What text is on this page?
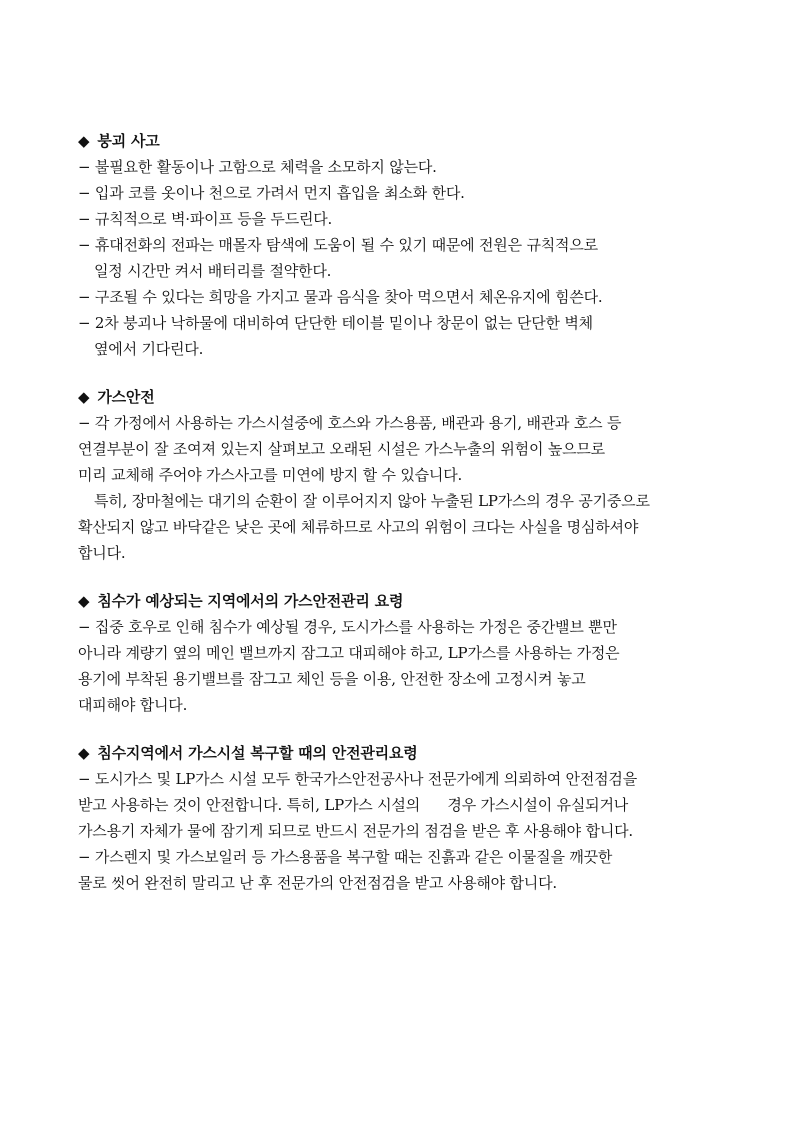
◆ 붕괴 사고
− 불필요한 활동이나 고함으로 체력을 소모하지 않는다.
− 입과 코를 옷이나 천으로 가려서 먼지 흡입을 최소화 한다.
− 규칙적으로 벽·파이프 등을 두드린다.
− 휴대전화의 전파는 매몰자 탐색에 도움이 될 수 있기 때문에 전원은 규칙적으로
일정 시간만 켜서 배터리를 절약한다.
− 구조될 수 있다는 희망을 가지고 물과 음식을 찾아 먹으면서 체온유지에 힘쓴다.
− 2차 붕괴나 낙하물에 대비하여 단단한 테이블 밑이나 창문이 없는 단단한 벽체
옆에서 기다린다.
◆ 가스안전
− 각 가정에서 사용하는 가스시설중에 호스와 가스용품, 배관과 용기, 배관과 호스 등
연결부분이 잘 조여져 있는지 살펴보고 오래된 시설은 가스누출의 위험이 높으므로
미리 교체해 주어야 가스사고를 미연에 방지 할 수 있습니다.
특히, 장마철에는 대기의 순환이 잘 이루어지지 않아 누출된 LP가스의 경우 공기중으로
확산되지 않고 바닥같은 낮은 곳에 체류하므로 사고의 위험이 크다는 사실을 명심하셔야
합니다.
◆ 침수가 예상되는 지역에서의 가스안전관리 요령
− 집중 호우로 인해 침수가 예상될 경우, 도시가스를 사용하는 가정은 중간밸브 뿐만
아니라 계량기 옆의 메인 밸브까지 잠그고 대피해야 하고, LP가스를 사용하는 가정은
용기에 부착된 용기밸브를 잠그고 체인 등을 이용, 안전한 장소에 고정시켜 놓고
대피해야 합니다.
◆ 침수지역에서 가스시설 복구할 때의 안전관리요령
− 도시가스 및 LP가스 시설 모두 한국가스안전공사나 전문가에게 의뢰하여 안전점검을
받고 사용하는 것이 안전합니다. 특히, LP가스 시설의      경우 가스시설이 유실되거나
가스용기 자체가 물에 잠기게 되므로 반드시 전문가의 점검을 받은 후 사용해야 합니다.
− 가스렌지 및 가스보일러 등 가스용품을 복구할 때는 진흙과 같은 이물질을 깨끗한
물로 씻어 완전히 말리고 난 후 전문가의 안전점검을 받고 사용해야 합니다.
